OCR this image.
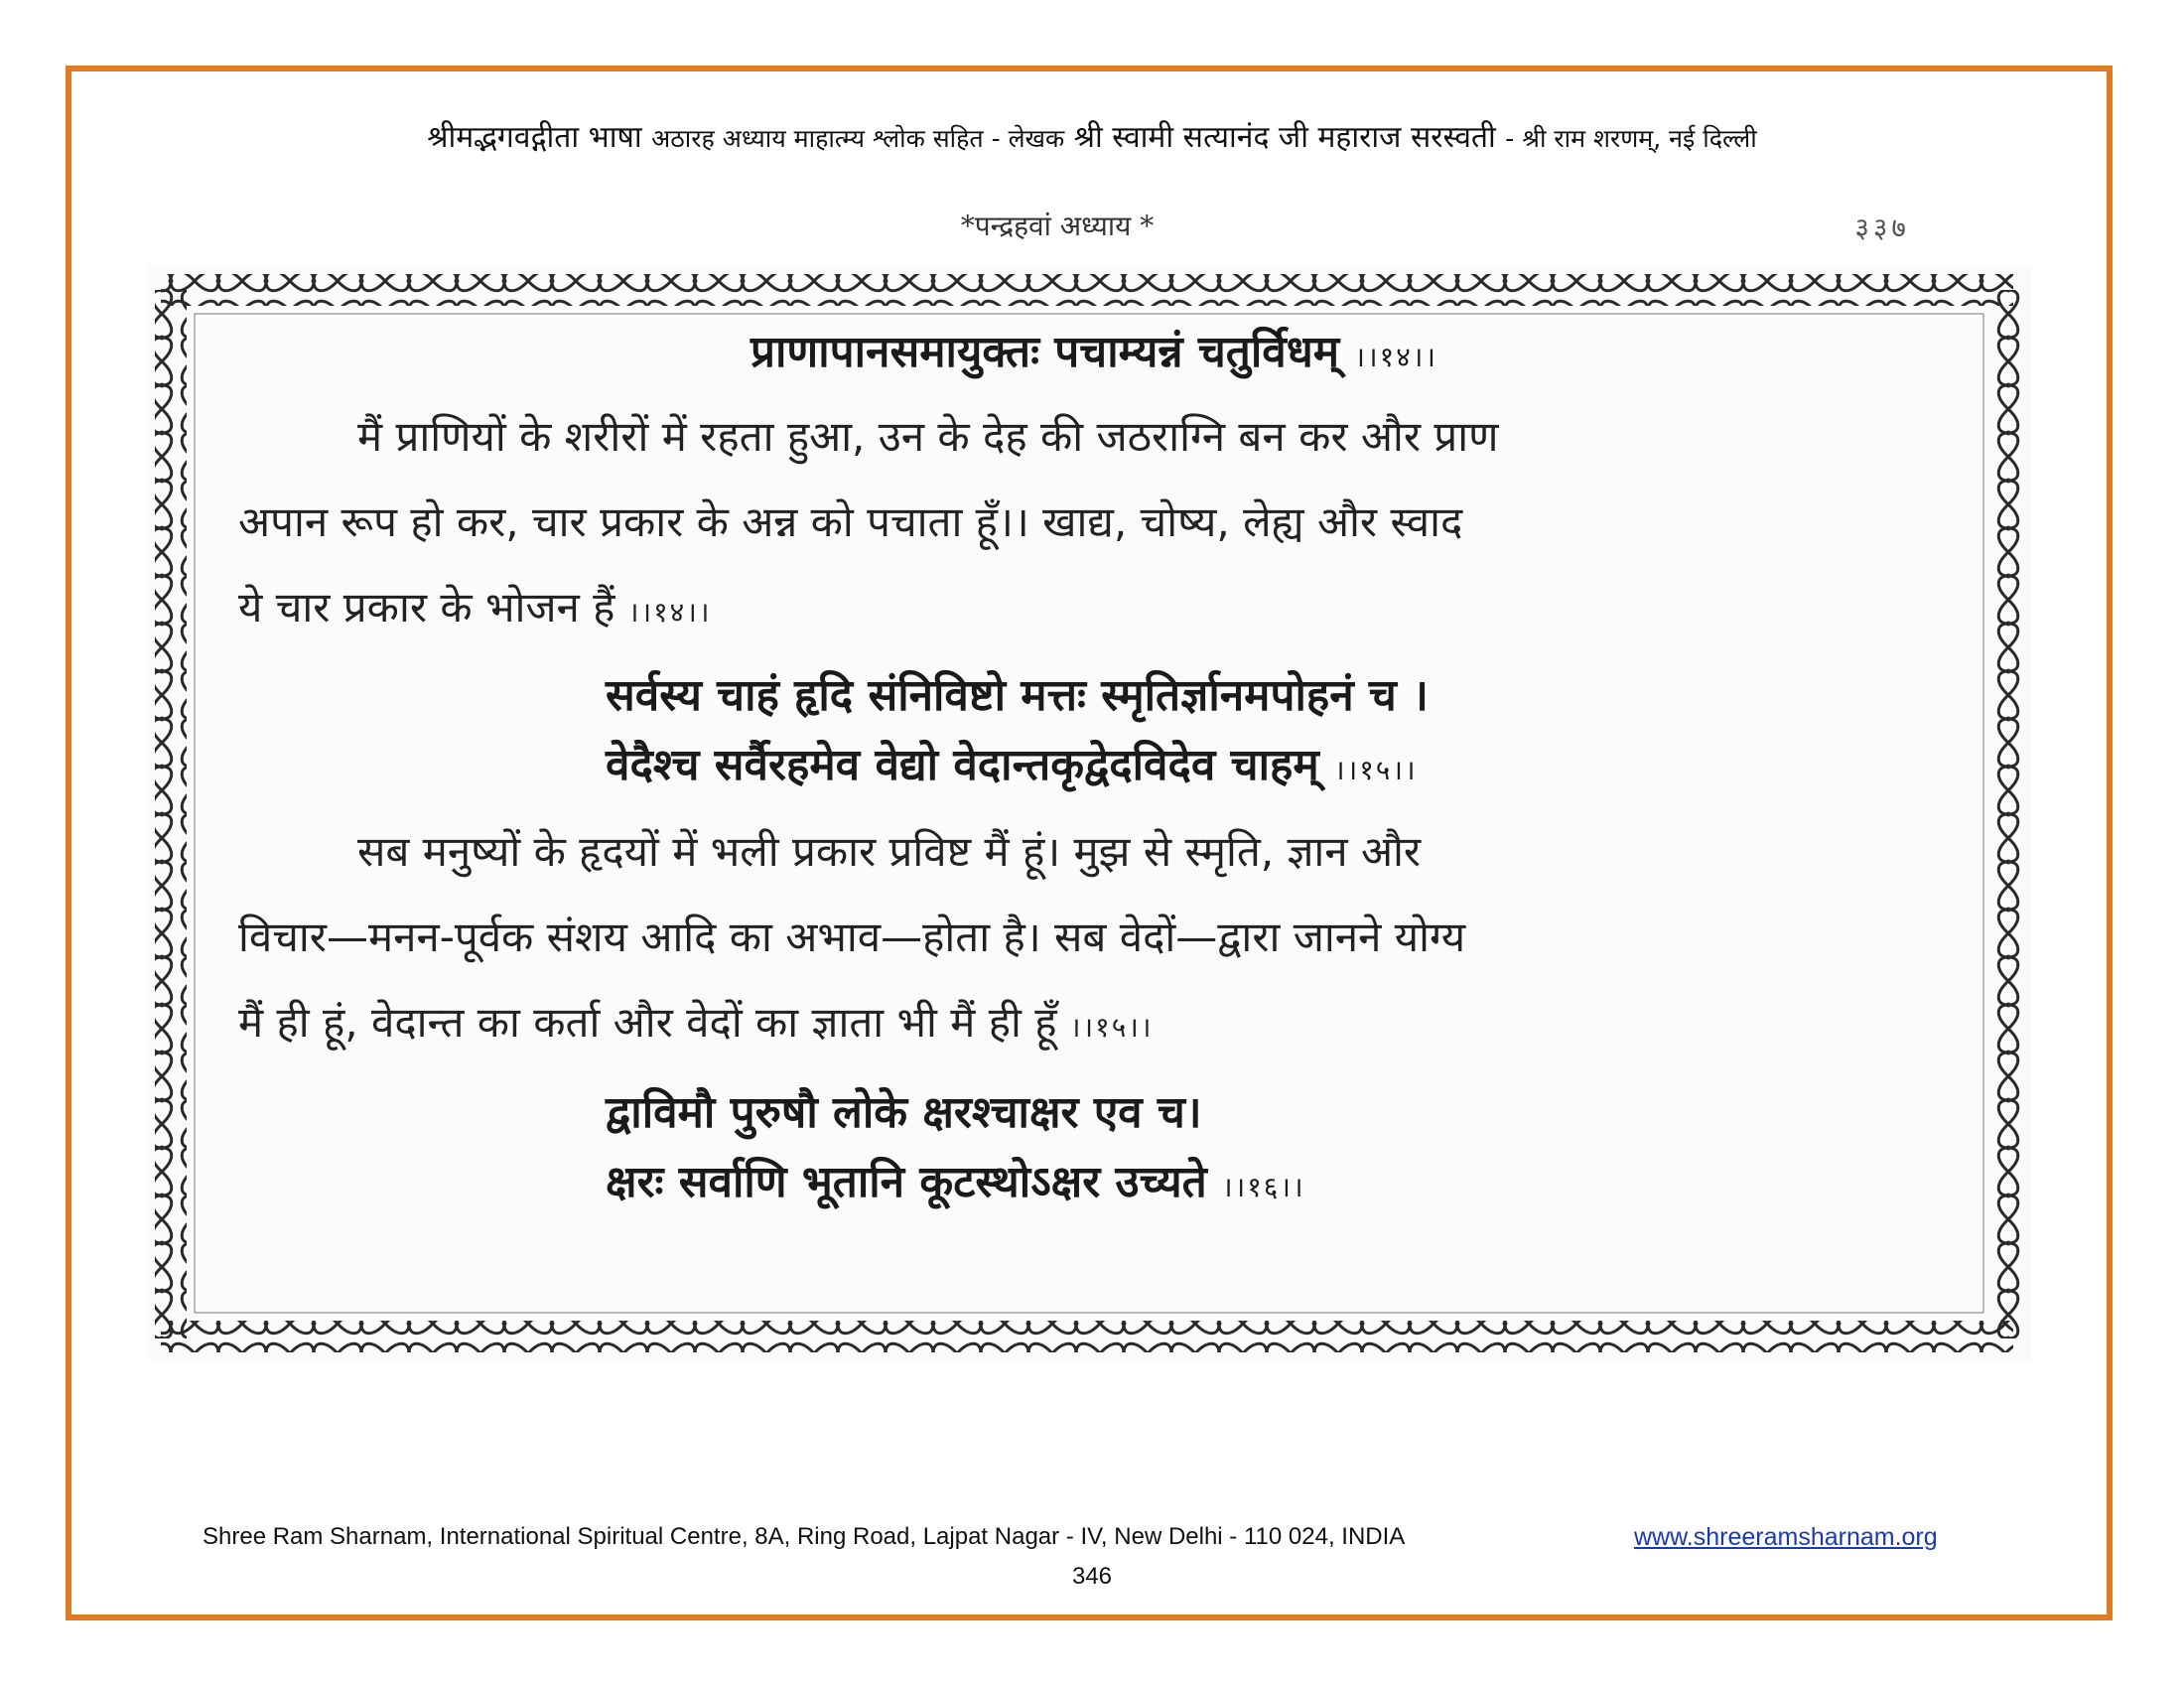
श्रीमद्भगवद्गीता भाषा अठारह अध्याय माहात्म्य श्लोक सहित - लेखक श्री स्वामी सत्यानंद जी महाराज सरस्वती - श्री राम शरणम्, नई दिल्ली
*पन्द्रहवां अध्याय *	३३७
प्राणापानसमायुक्तः पचाम्यन्नं चतुर्विधम् ।।१४।।
मैं प्राणियों के शरीरों में रहता हुआ, उन के देह की जठराग्नि बन कर और प्राण
अपान रूप हो कर, चार प्रकार के अन्न को पचाता हूँ।। खाद्य, चोष्य, लेह्य और स्वाद
ये चार प्रकार के भोजन हैं ।।१४।।
सर्वस्य चाहं हृदि संनिविष्टो मत्तः स्मृतिर्ज्ञानमपोहनं च ।
वेदैश्च सर्वैरहमेव वेद्यो वेदान्तकृद्वेदविदेव चाहम् ।।१५।।
सब मनुष्यों के हृदयों में भली प्रकार प्रविष्ट मैं हूं। मुझ से स्मृति, ज्ञान और
विचार—मनन-पूर्वक संशय आदि का अभाव—होता है। सब वेदों—द्वारा जानने योग्य
मैं ही हूं, वेदान्त का कर्ता और वेदों का ज्ञाता भी मैं ही हूँ ।।१५।।
द्वाविमौ पुरुषौ लोके क्षरश्चाक्षर एव च।
क्षरः सर्वाणि भूतानि कूटस्थोऽक्षर उच्यते ।।१६।।
Shree Ram Sharnam, International Spiritual Centre, 8A, Ring Road, Lajpat Nagar - IV, New Delhi - 110 024, INDIA	www.shreeramsharnam.org
346
